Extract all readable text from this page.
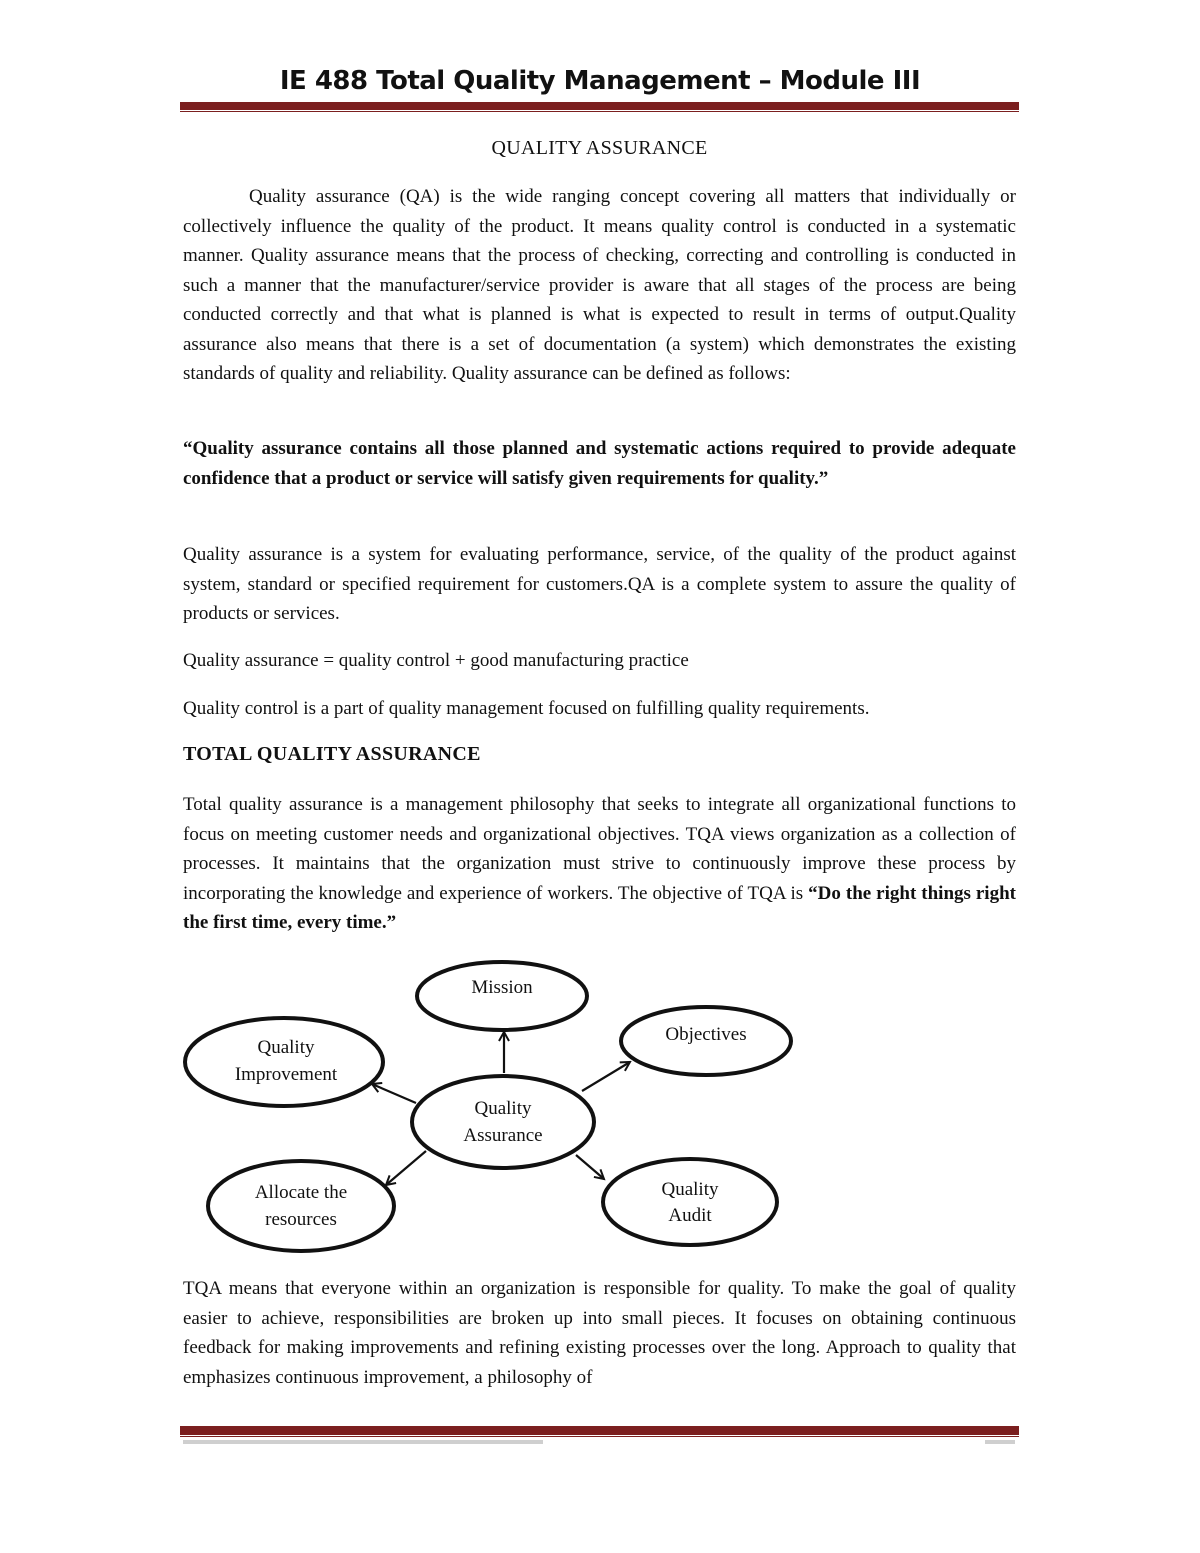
IE 488 Total Quality Management – Module III
QUALITY ASSURANCE

Quality assurance (QA) is the wide ranging concept covering all matters that individually or collectively influence the quality of the product. It means quality control is conducted in a systematic manner. Quality assurance means that the process of checking, correcting and controlling is conducted in such a manner that the manufacturer/service provider is aware that all stages of the process are being conducted correctly and that what is planned is what is expected to result in terms of output.Quality assurance also means that there is a set of documentation (a system) which demonstrates the existing standards of quality and reliability. Quality assurance can be defined as follows:

“Quality assurance contains all those planned and systematic actions required to provide adequate confidence that a product or service will satisfy given requirements for quality.”

Quality assurance is a system for evaluating performance, service, of the quality of the product against system, standard or specified requirement for customers.QA is a complete system to assure the quality of products or services.

Quality assurance = quality control + good manufacturing practice

Quality control is a part of quality management focused on fulfilling quality requirements.

TOTAL QUALITY ASSURANCE

Total quality assurance is a management philosophy that seeks to integrate all organizational functions to focus on meeting customer needs and organizational objectives. TQA views organization as a collection of processes. It maintains that the organization must strive to continuously improve these process by incorporating the knowledge and experience of workers. The objective of TQA is “Do the right things right the first time, every time.”

Mission
Objectives
Quality
Improvement
Quality
Assurance
Allocate the
resources
Quality
Audit

TQA means that everyone within an organization is responsible for quality. To make the goal of quality easier to achieve, responsibilities are broken up into small pieces. It focuses on obtaining continuous feedback for making improvements and refining existing processes over the long. Approach to quality that emphasizes continuous improvement, a philosophy of
